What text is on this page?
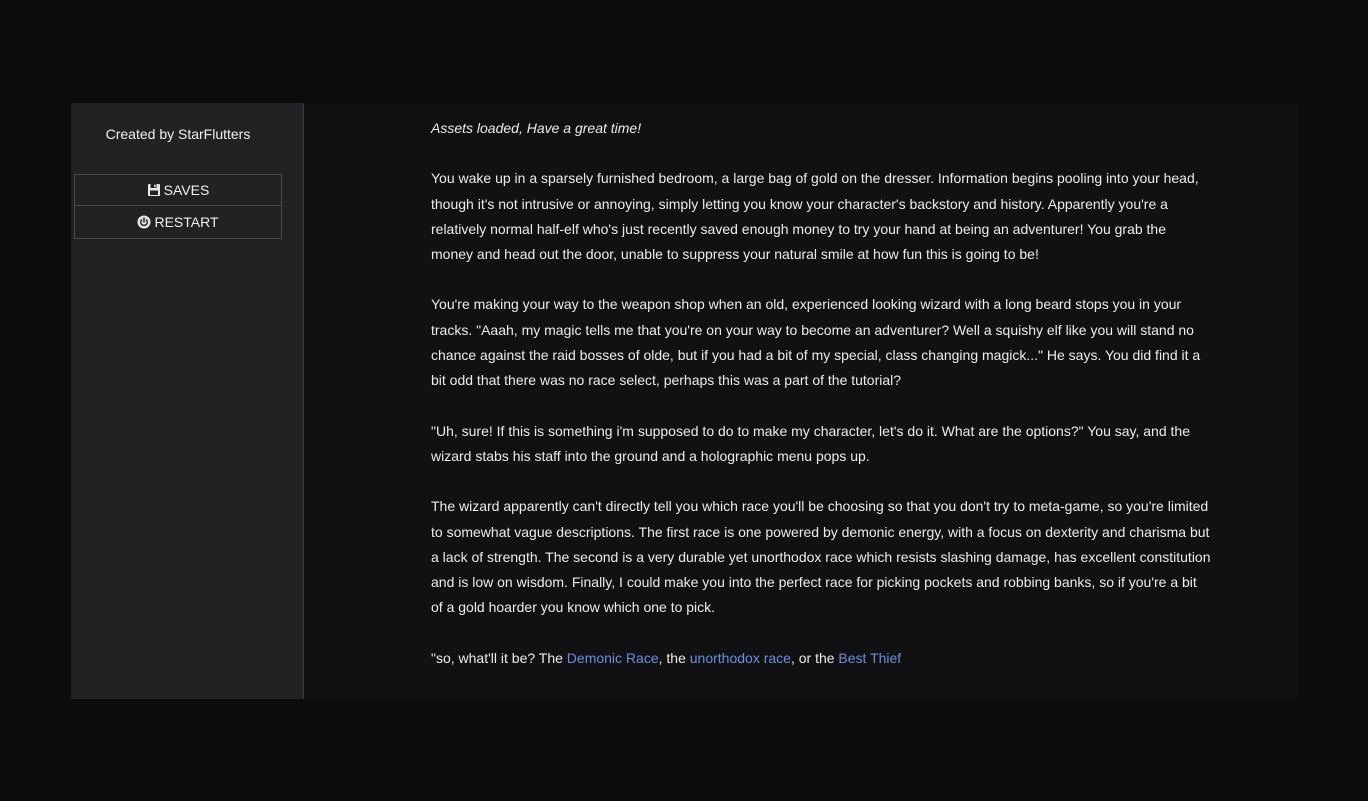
Created by StarFlutters
SAVES
RESTART

Assets loaded, Have a great time!

You wake up in a sparsely furnished bedroom, a large bag of gold on the dresser. Information begins pooling into your head, though it's not intrusive or annoying, simply letting you know your character's backstory and history. Apparently you're a relatively normal half-elf who's just recently saved enough money to try your hand at being an adventurer! You grab the money and head out the door, unable to suppress your natural smile at how fun this is going to be!

You're making your way to the weapon shop when an old, experienced looking wizard with a long beard stops you in your tracks. "Aaah, my magic tells me that you're on your way to become an adventurer? Well a squishy elf like you will stand no chance against the raid bosses of olde, but if you had a bit of my special, class changing magick..." He says. You did find it a bit odd that there was no race select, perhaps this was a part of the tutorial?

"Uh, sure! If this is something i'm supposed to do to make my character, let's do it. What are the options?" You say, and the wizard stabs his staff into the ground and a holographic menu pops up.

The wizard apparently can't directly tell you which race you'll be choosing so that you don't try to meta-game, so you're limited to somewhat vague descriptions. The first race is one powered by demonic energy, with a focus on dexterity and charisma but a lack of strength. The second is a very durable yet unorthodox race which resists slashing damage, has excellent constitution and is low on wisdom. Finally, I could make you into the perfect race for picking pockets and robbing banks, so if you're a bit of a gold hoarder you know which one to pick.

"so, what'll it be? The Demonic Race, the unorthodox race, or the Best Thief
